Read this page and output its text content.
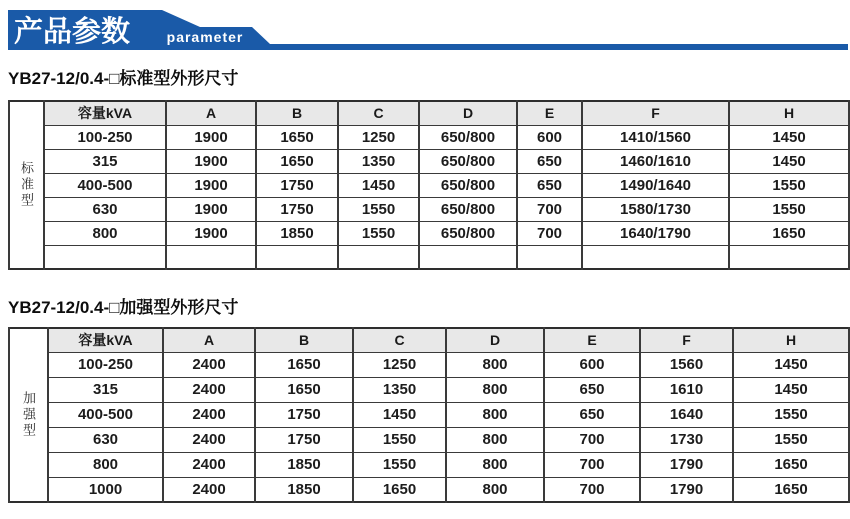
产品参数	parameter
YB27-12/0.4-□标准型外形尺寸
标准型	容量kVA	A	B	C	D	E	F	H
	100-250	1900	1650	1250	650/800	600	1410/1560	1450
	315	1900	1650	1350	650/800	650	1460/1610	1450
	400-500	1900	1750	1450	650/800	650	1490/1640	1550
	630	1900	1750	1550	650/800	700	1580/1730	1550
	800	1900	1850	1550	650/800	700	1640/1790	1650

YB27-12/0.4-□加强型外形尺寸
加强型	容量kVA	A	B	C	D	E	F	H
	100-250	2400	1650	1250	800	600	1560	1450
	315	2400	1650	1350	800	650	1610	1450
	400-500	2400	1750	1450	800	650	1640	1550
	630	2400	1750	1550	800	700	1730	1550
	800	2400	1850	1550	800	700	1790	1650
	1000	2400	1850	1650	800	700	1790	1650
